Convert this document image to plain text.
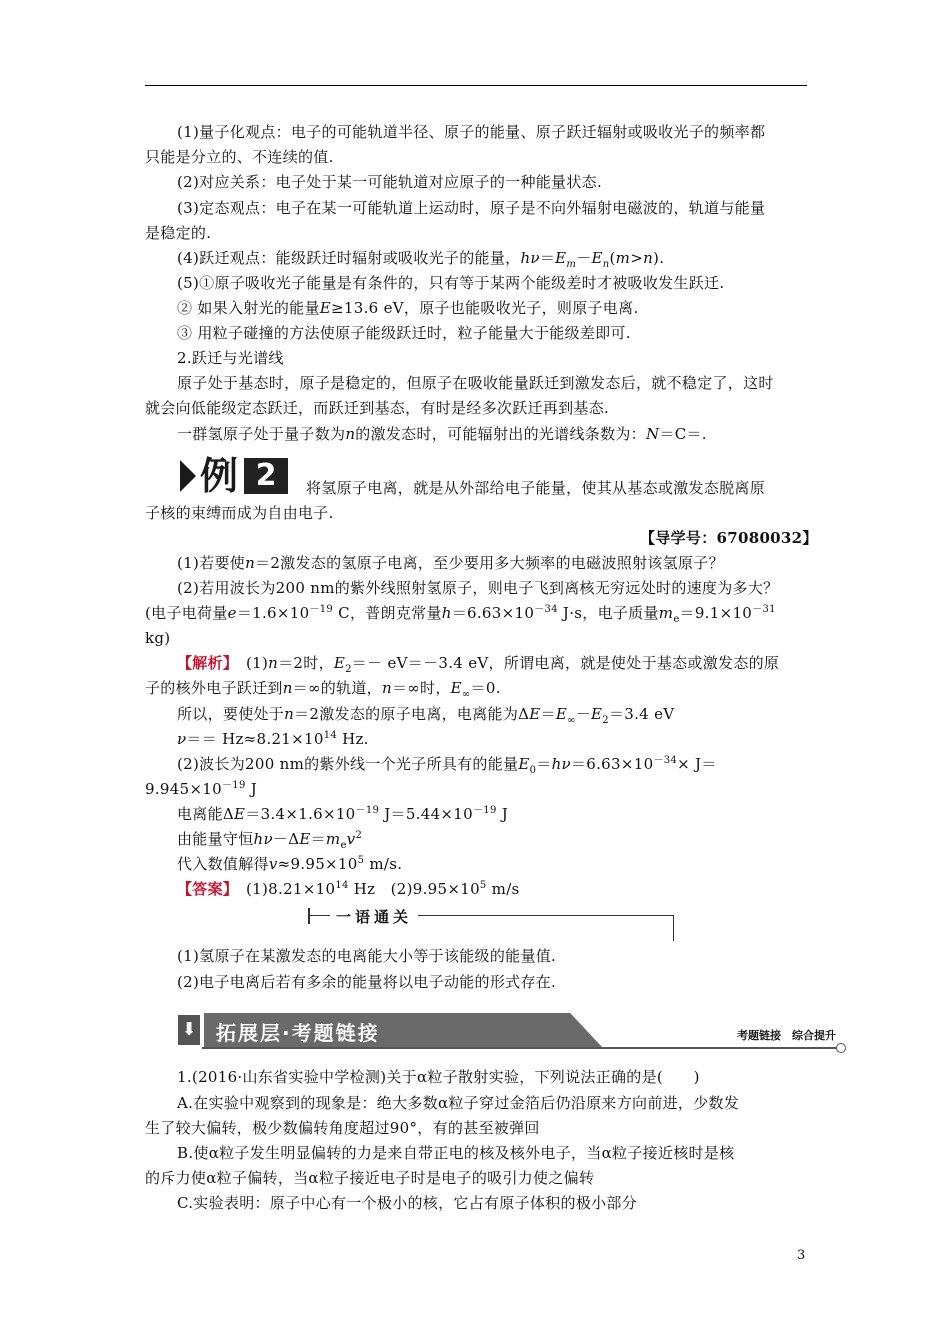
(1)量子化观点：电子的可能轨道半径、原子的能量、原子跃迁辐射或吸收光子的频率都
只能是分立的、不连续的值.
(2)对应关系：电子处于某一可能轨道对应原子的一种能量状态.
(3)定态观点：电子在某一可能轨道上运动时，原子是不向外辐射电磁波的，轨道与能量
是稳定的.
(4)跃迁观点：能级跃迁时辐射或吸收光子的能量，$h\nu=E_m-E_n(m>n)$.
(5)①原子吸收光子能量是有条件的，只有等于某两个能级差时才被吸收发生跃迁.
② 如果入射光的能量E≥13.6 eV，原子也能吸收光子，则原子电离.
③ 用粒子碰撞的方法使原子能级跃迁时，粒子能量大于能级差即可.
2.跃迁与光谱线
原子处于基态时，原子是稳定的，但原子在吸收能量跃迁到激发态后，就不稳定了，这时
就会向低能级定态跃迁，而跃迁到基态，有时是经多次跃迁再到基态.
一群氢原子处于量子数为n的激发态时，可能辐射出的光谱线条数为：N＝C＝.
例 2	将氢原子电离，就是从外部给电子能量，使其从基态或激发态脱离原
子核的束缚而成为自由电子.
【导学号：67080032】
(1)若要使n＝2激发态的氢原子电离，至少要用多大频率的电磁波照射该氢原子？
(2)若用波长为200 nm的紫外线照射氢原子，则电子飞到离核无穷远处时的速度为多大？
(电子电荷量$e=1.6\times 10^{-19}$ C，普朗克常量$h=6.63\times 10^{-34}$ J·s，电子质量$m_e=9.1\times 10^{-31}$
kg)
【解析】　(1)n＝2时，$E_2=- eV=-3.4$ eV，所谓电离，就是使处于基态或激发态的原
子的核外电子跃迁到n＝∞的轨道，n＝∞时，$E_\infty=0$.
所以，要使处于n＝2激发态的原子电离，电离能为$\Delta E=E_\infty-E_2=3.4$ eV
$\nu== Hz\approx 8.21\times 10^{14}$ Hz.
(2)波长为200 nm的紫外线一个光子所具有的能量$E_0=h\nu=6.63\times 10^{-34}\times J=$
$9.945\times 10^{-19}$ J
电离能$\Delta E=3.4\times 1.6\times 10^{-19}$ $J=5.44\times 10^{-19}$ J
由能量守恒$h\nu-\Delta E=m_ev^2$
代入数值解得$v\approx 9.95\times 10^5$ m/s.
【答案】　 $(1)8.21\times 10^{14}$ Hz　$(2)9.95\times 10^5$ m/s
一语通关
(1)氢原子在某激发态的电离能大小等于该能级的能量值.
(2)电子电离后若有多余的能量将以电子动能的形式存在.
⬇ 拓展层·考题链接	考题链接　综合提升
1.(2016·山东省实验中学检测)关于α粒子散射实验，下列说法正确的是(　　)
A.在实验中观察到的现象是：绝大多数α粒子穿过金箔后仍沿原来方向前进，少数发
生了较大偏转，极少数偏转角度超过90°，有的甚至被弹回
B.使α粒子发生明显偏转的力是来自带正电的核及核外电子，当α粒子接近核时是核
的斥力使α粒子偏转，当α粒子接近电子时是电子的吸引力使之偏转
C.实验表明：原子中心有一个极小的核，它占有原子体积的极小部分
3
